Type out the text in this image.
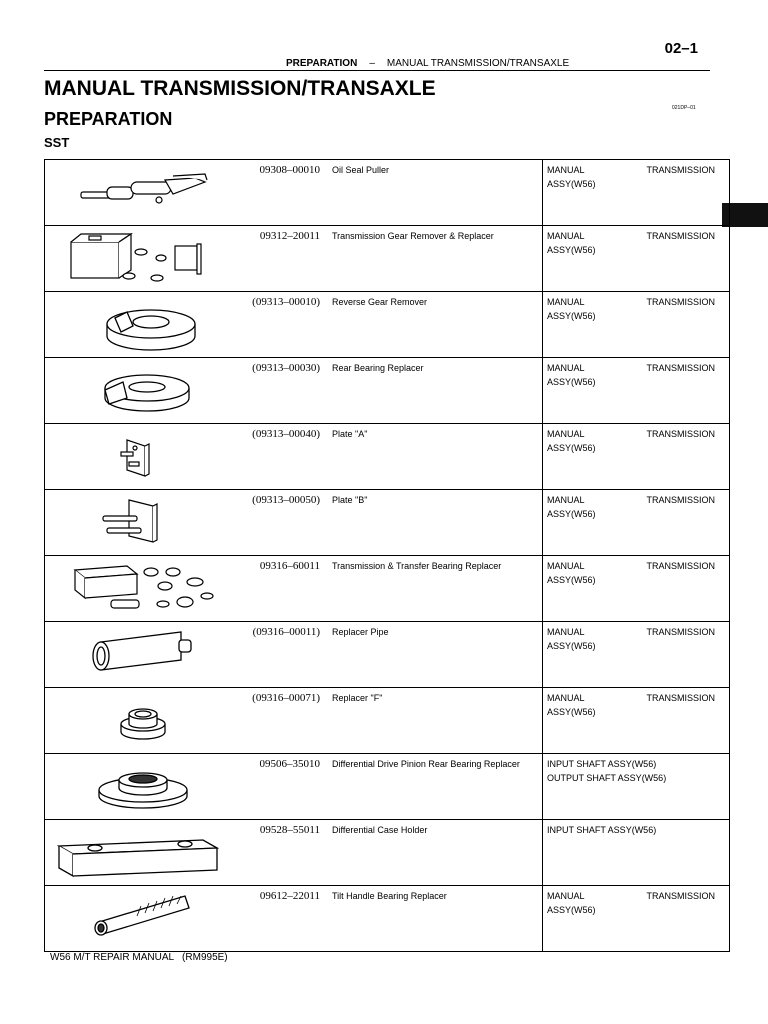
02–1
PREPARATION – MANUAL TRANSMISSION/TRANSAXLE
MANUAL TRANSMISSION/TRANSAXLE
PREPARATION
021DP–01
SST
	09308–00010	Oil Seal Puller	MANUAL TRANSMISSION
ASSY(W56)

	09312–20011	Transmission Gear Remover & Replacer	MANUAL TRANSMISSION
ASSY(W56)

	(09313–00010)	Reverse Gear Remover	MANUAL TRANSMISSION
ASSY(W56)

	(09313–00030)	Rear Bearing Replacer	MANUAL TRANSMISSION
ASSY(W56)

	(09313–00040)	Plate "A"	MANUAL TRANSMISSION
ASSY(W56)

	(09313–00050)	Plate "B"	MANUAL TRANSMISSION
ASSY(W56)

	09316–60011	Transmission & Transfer Bearing Replacer	MANUAL TRANSMISSION
ASSY(W56)

	(09316–00011)	Replacer Pipe	MANUAL TRANSMISSION
ASSY(W56)

	(09316–00071)	Replacer "F"	MANUAL TRANSMISSION
ASSY(W56)

	09506–35010	Differential Drive Pinion Rear Bearing Replacer	INPUT SHAFT ASSY(W56)
OUTPUT SHAFT ASSY(W56)

	09528–55011	Differential Case Holder	INPUT SHAFT ASSY(W56)

	09612–22011	Tilt Handle Bearing Replacer	MANUAL TRANSMISSION
ASSY(W56)
W56 M/T REPAIR MANUAL   (RM995E)
